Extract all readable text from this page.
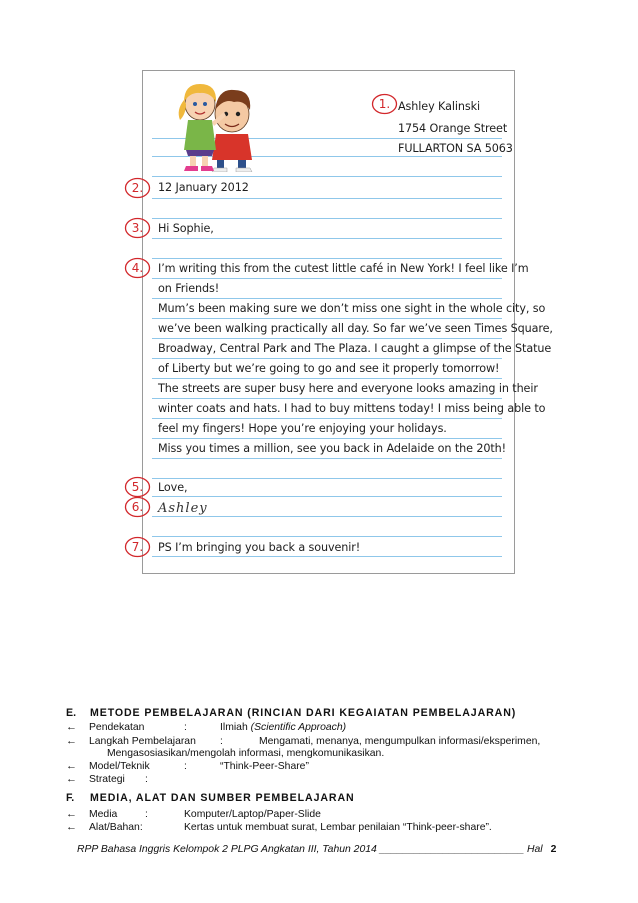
1.
2.
3.
4.
5.
6.
7.
Ashley Kalinski
1754 Orange Street
FULLARTON SA 5063
12 January 2012
Hi Sophie,
I’m writing this from the cutest little café in New York! I feel like I’m
on Friends!
Mum’s been making sure we don’t miss one sight in the whole city, so
we’ve been walking practically all day. So far we’ve seen Times Square,
Broadway, Central Park and The Plaza. I caught a glimpse of the Statue
of Liberty but we’re going to go and see it properly tomorrow!
The streets are super busy here and everyone looks amazing in their
winter coats and hats. I had to buy mittens today! I miss being able to
feel my fingers! Hope you’re enjoying your holidays.
Miss you times a million, see you back in Adelaide on the 20th!
Love,
Ashley
PS I’m bringing you back a souvenir!
E. METODE PEMBELAJARAN (RINCIAN DARI KEGAIATAN PEMBELAJARAN)
← Pendekatan	:	Ilmiah (Scientific Approach)
← Langkah Pembelajaran :	Mengamati, menanya, mengumpulkan informasi/eksperimen,
Mengasosiasikan/mengolah informasi, mengkomunikasikan.
← Model/Teknik	:	“Think-Peer-Share”
← Strategi :
F. MEDIA, ALAT DAN SUMBER PEMBELAJARAN
← Media	:	Komputer/Laptop/Paper-Slide
← Alat/Bahan:	Kertas untuk membuat surat, Lembar penilaian “Think-peer-share”.
RPP Bahasa Inggris Kelompok 2 PLPG Angkatan III, Tahun 2014 _________________________ Hal 2
